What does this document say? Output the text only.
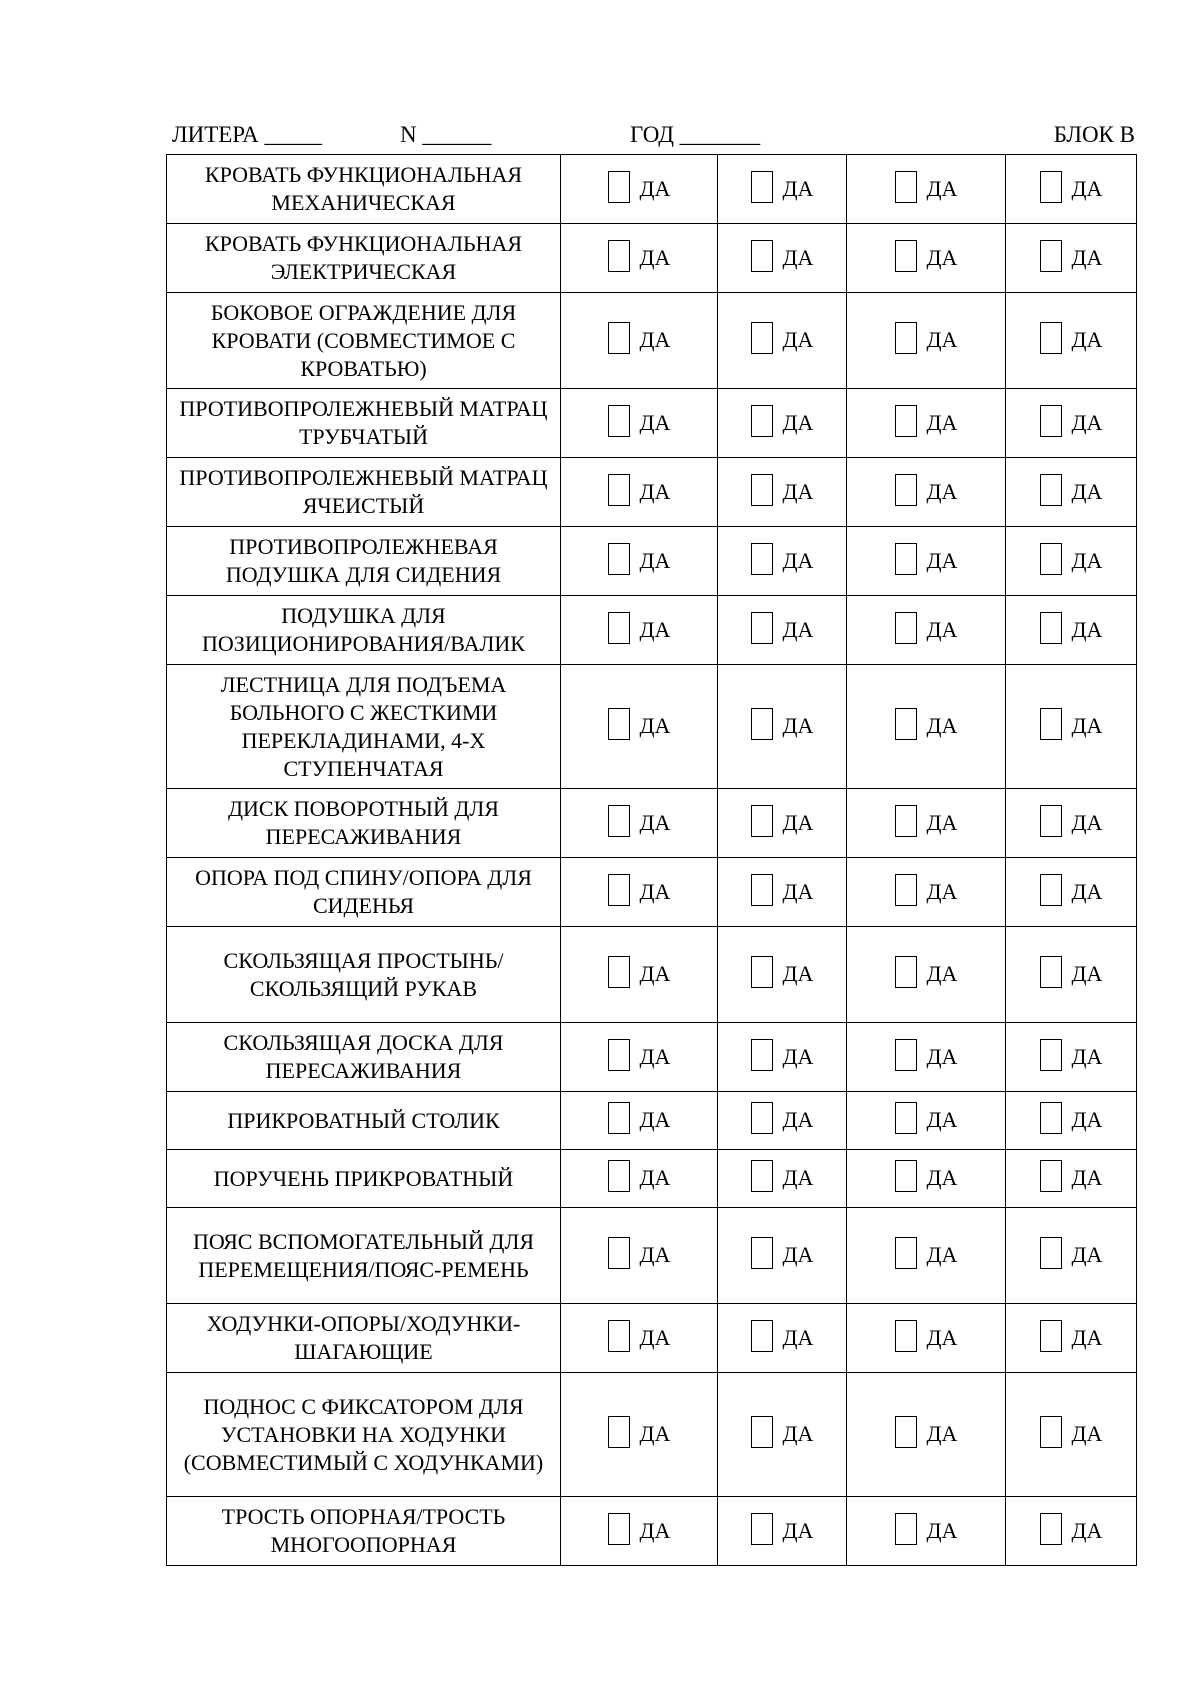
ЛИТЕРА _____	N ______	ГОД _______	БЛОК В
КРОВАТЬ ФУНКЦИОНАЛЬНАЯ МЕХАНИЧЕСКАЯ	ДА	ДА	ДА	ДА

КРОВАТЬ ФУНКЦИОНАЛЬНАЯ ЭЛЕКТРИЧЕСКАЯ	ДА	ДА	ДА	ДА

БОКОВОЕ ОГРАЖДЕНИЕ ДЛЯ КРОВАТИ (СОВМЕСТИМОЕ С КРОВАТЬЮ)	ДА	ДА	ДА	ДА

ПРОТИВОПРОЛЕЖНЕВЫЙ МАТРАЦ ТРУБЧАТЫЙ	ДА	ДА	ДА	ДА

ПРОТИВОПРОЛЕЖНЕВЫЙ МАТРАЦ ЯЧЕИСТЫЙ	ДА	ДА	ДА	ДА

ПРОТИВОПРОЛЕЖНЕВАЯ ПОДУШКА ДЛЯ СИДЕНИЯ	ДА	ДА	ДА	ДА

ПОДУШКА ДЛЯ ПОЗИЦИОНИРОВАНИЯ/ВАЛИК	ДА	ДА	ДА	ДА

ЛЕСТНИЦА ДЛЯ ПОДЪЕМА БОЛЬНОГО С ЖЕСТКИМИ ПЕРЕКЛАДИНАМИ, 4-Х СТУПЕНЧАТАЯ	ДА	ДА	ДА	ДА

ДИСК ПОВОРОТНЫЙ ДЛЯ ПЕРЕСАЖИВАНИЯ	ДА	ДА	ДА	ДА

ОПОРА ПОД СПИНУ/ОПОРА ДЛЯ СИДЕНЬЯ	ДА	ДА	ДА	ДА

СКОЛЬЗЯЩАЯ ПРОСТЫНЬ/СКОЛЬЗЯЩИЙ РУКАВ	ДА	ДА	ДА	ДА

СКОЛЬЗЯЩАЯ ДОСКА ДЛЯ ПЕРЕСАЖИВАНИЯ	ДА	ДА	ДА	ДА

ПРИКРОВАТНЫЙ СТОЛИК	ДА	ДА	ДА	ДА

ПОРУЧЕНЬ ПРИКРОВАТНЫЙ	ДА	ДА	ДА	ДА

ПОЯС ВСПОМОГАТЕЛЬНЫЙ ДЛЯ ПЕРЕМЕЩЕНИЯ/ПОЯС-РЕМЕНЬ	ДА	ДА	ДА	ДА

ХОДУНКИ-ОПОРЫ/ХОДУНКИ-ШАГАЮЩИЕ	ДА	ДА	ДА	ДА

ПОДНОС С ФИКСАТОРОМ ДЛЯ УСТАНОВКИ НА ХОДУНКИ (СОВМЕСТИМЫЙ С ХОДУНКАМИ)	ДА	ДА	ДА	ДА

ТРОСТЬ ОПОРНАЯ/ТРОСТЬ МНОГООПОРНАЯ	ДА	ДА	ДА	ДА
